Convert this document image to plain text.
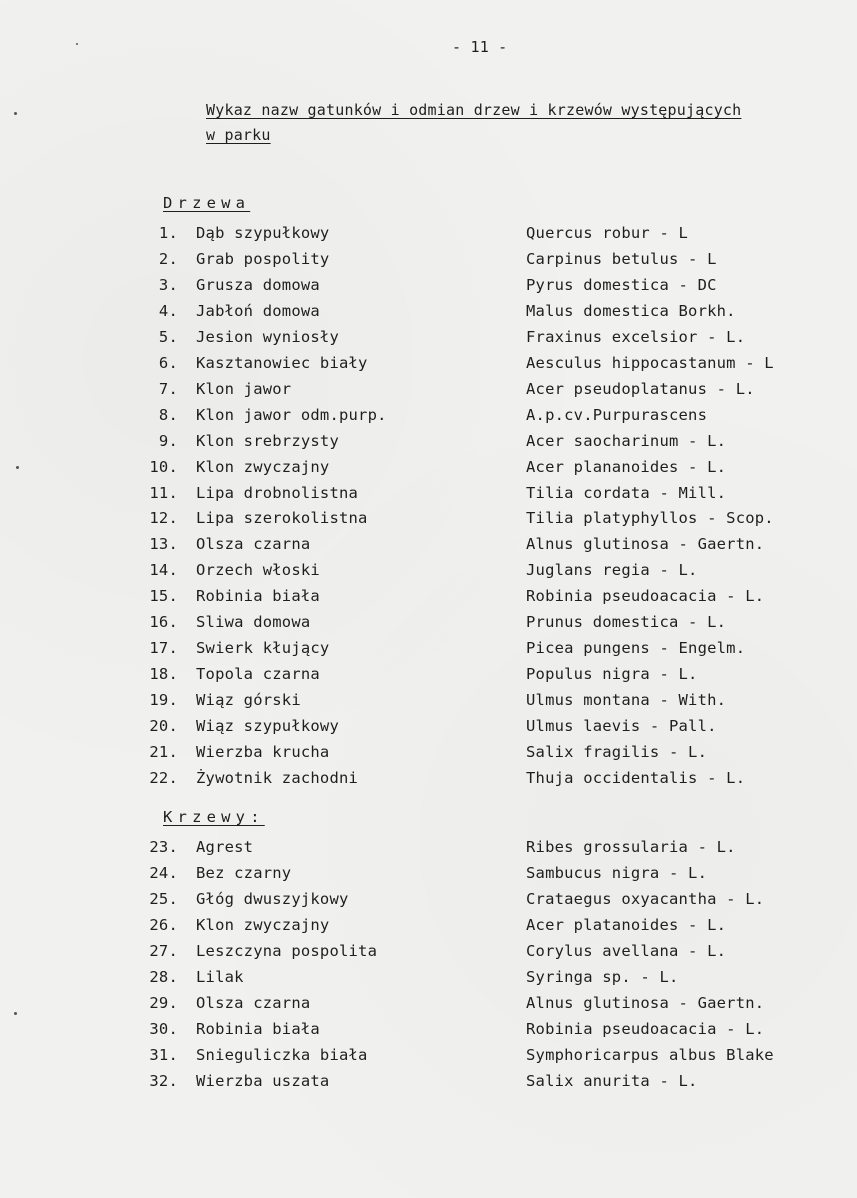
- 11 -
Wykaz nazw gatunków i odmian drzew i krzewów występujących
w parku
Drzewa
1. Dąb szypułkowy	Quercus robur - L
2. Grab pospolity	Carpinus betulus - L
3. Grusza domowa	Pyrus domestica - DC
4. Jabłoń domowa	Malus domestica Borkh.
5. Jesion wyniosły	Fraxinus excelsior - L.
6. Kasztanowiec biały	Aesculus hippocastanum - L
7. Klon jawor	Acer pseudoplatanus - L.
8. Klon jawor odm.purp.	A.p.cv.Purpurascens
9. Klon srebrzysty	Acer saocharinum - L.
10. Klon zwyczajny	Acer plananoides - L.
11. Lipa drobnolistna	Tilia cordata - Mill.
12. Lipa szerokolistna	Tilia platyphyllos - Scop.
13. Olsza czarna	Alnus glutinosa - Gaertn.
14. Orzech włoski	Juglans regia - L.
15. Robinia biała	Robinia pseudoacacia - L.
16. Sliwa domowa	Prunus domestica - L.
17. Swierk kłujący	Picea pungens - Engelm.
18. Topola czarna	Populus nigra - L.
19. Wiąz górski	Ulmus montana - With.
20. Wiąz szypułkowy	Ulmus laevis - Pall.
21. Wierzba krucha	Salix fragilis - L.
22. Żywotnik zachodni	Thuja occidentalis - L.
Krzewy:
23. Agrest	Ribes grossularia - L.
24. Bez czarny	Sambucus nigra - L.
25. Głóg dwuszyjkowy	Crataegus oxyacantha - L.
26. Klon zwyczajny	Acer platanoides - L.
27. Leszczyna pospolita	Corylus avellana - L.
28. Lilak	Syringa sp. - L.
29. Olsza czarna	Alnus glutinosa - Gaertn.
30. Robinia biała	Robinia pseudoacacia - L.
31. Snieguliczka biała	Symphoricarpus albus Blake
32. Wierzba uszata	Salix anurita - L.
